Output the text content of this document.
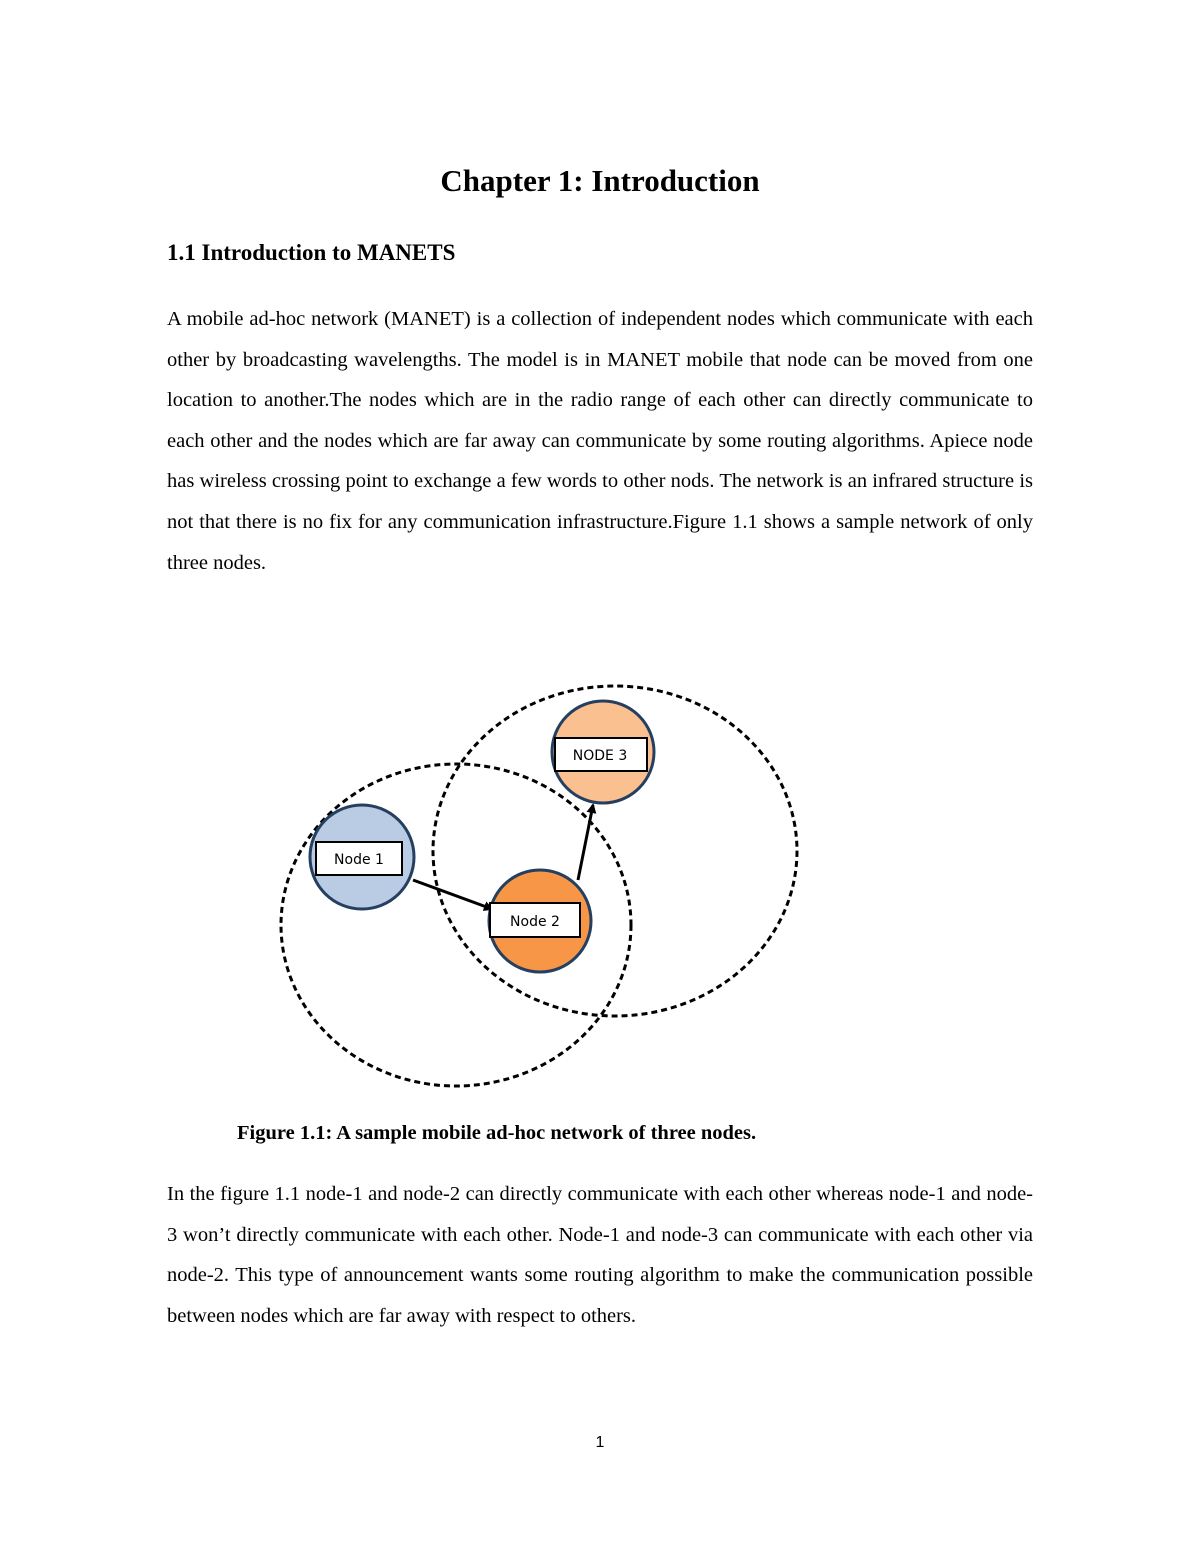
Chapter 1: Introduction
1.1 Introduction to MANETS

A mobile ad-hoc network (MANET) is a collection of independent nodes which communicate with each other by broadcasting wavelengths. The model is in MANET mobile that node can be moved from one location to another.The nodes which are in the radio range of each other can directly communicate to each other and the nodes which are far away can communicate by some routing algorithms. Apiece node has wireless crossing point to exchange a few words to other nods. The network is an infrared structure is not that there is no fix for any communication infrastructure.Figure 1.1 shows a sample network of only three nodes.

Node 1
Node 2
NODE 3

Figure 1.1: A sample mobile ad-hoc network of three nodes.

In the figure 1.1 node-1 and node-2 can directly communicate with each other whereas node-1 and node-3 won’t directly communicate with each other. Node-1 and node-3 can communicate with each other via node-2. This type of announcement wants some routing algorithm to make the communication possible between nodes which are far away with respect to others.

1
